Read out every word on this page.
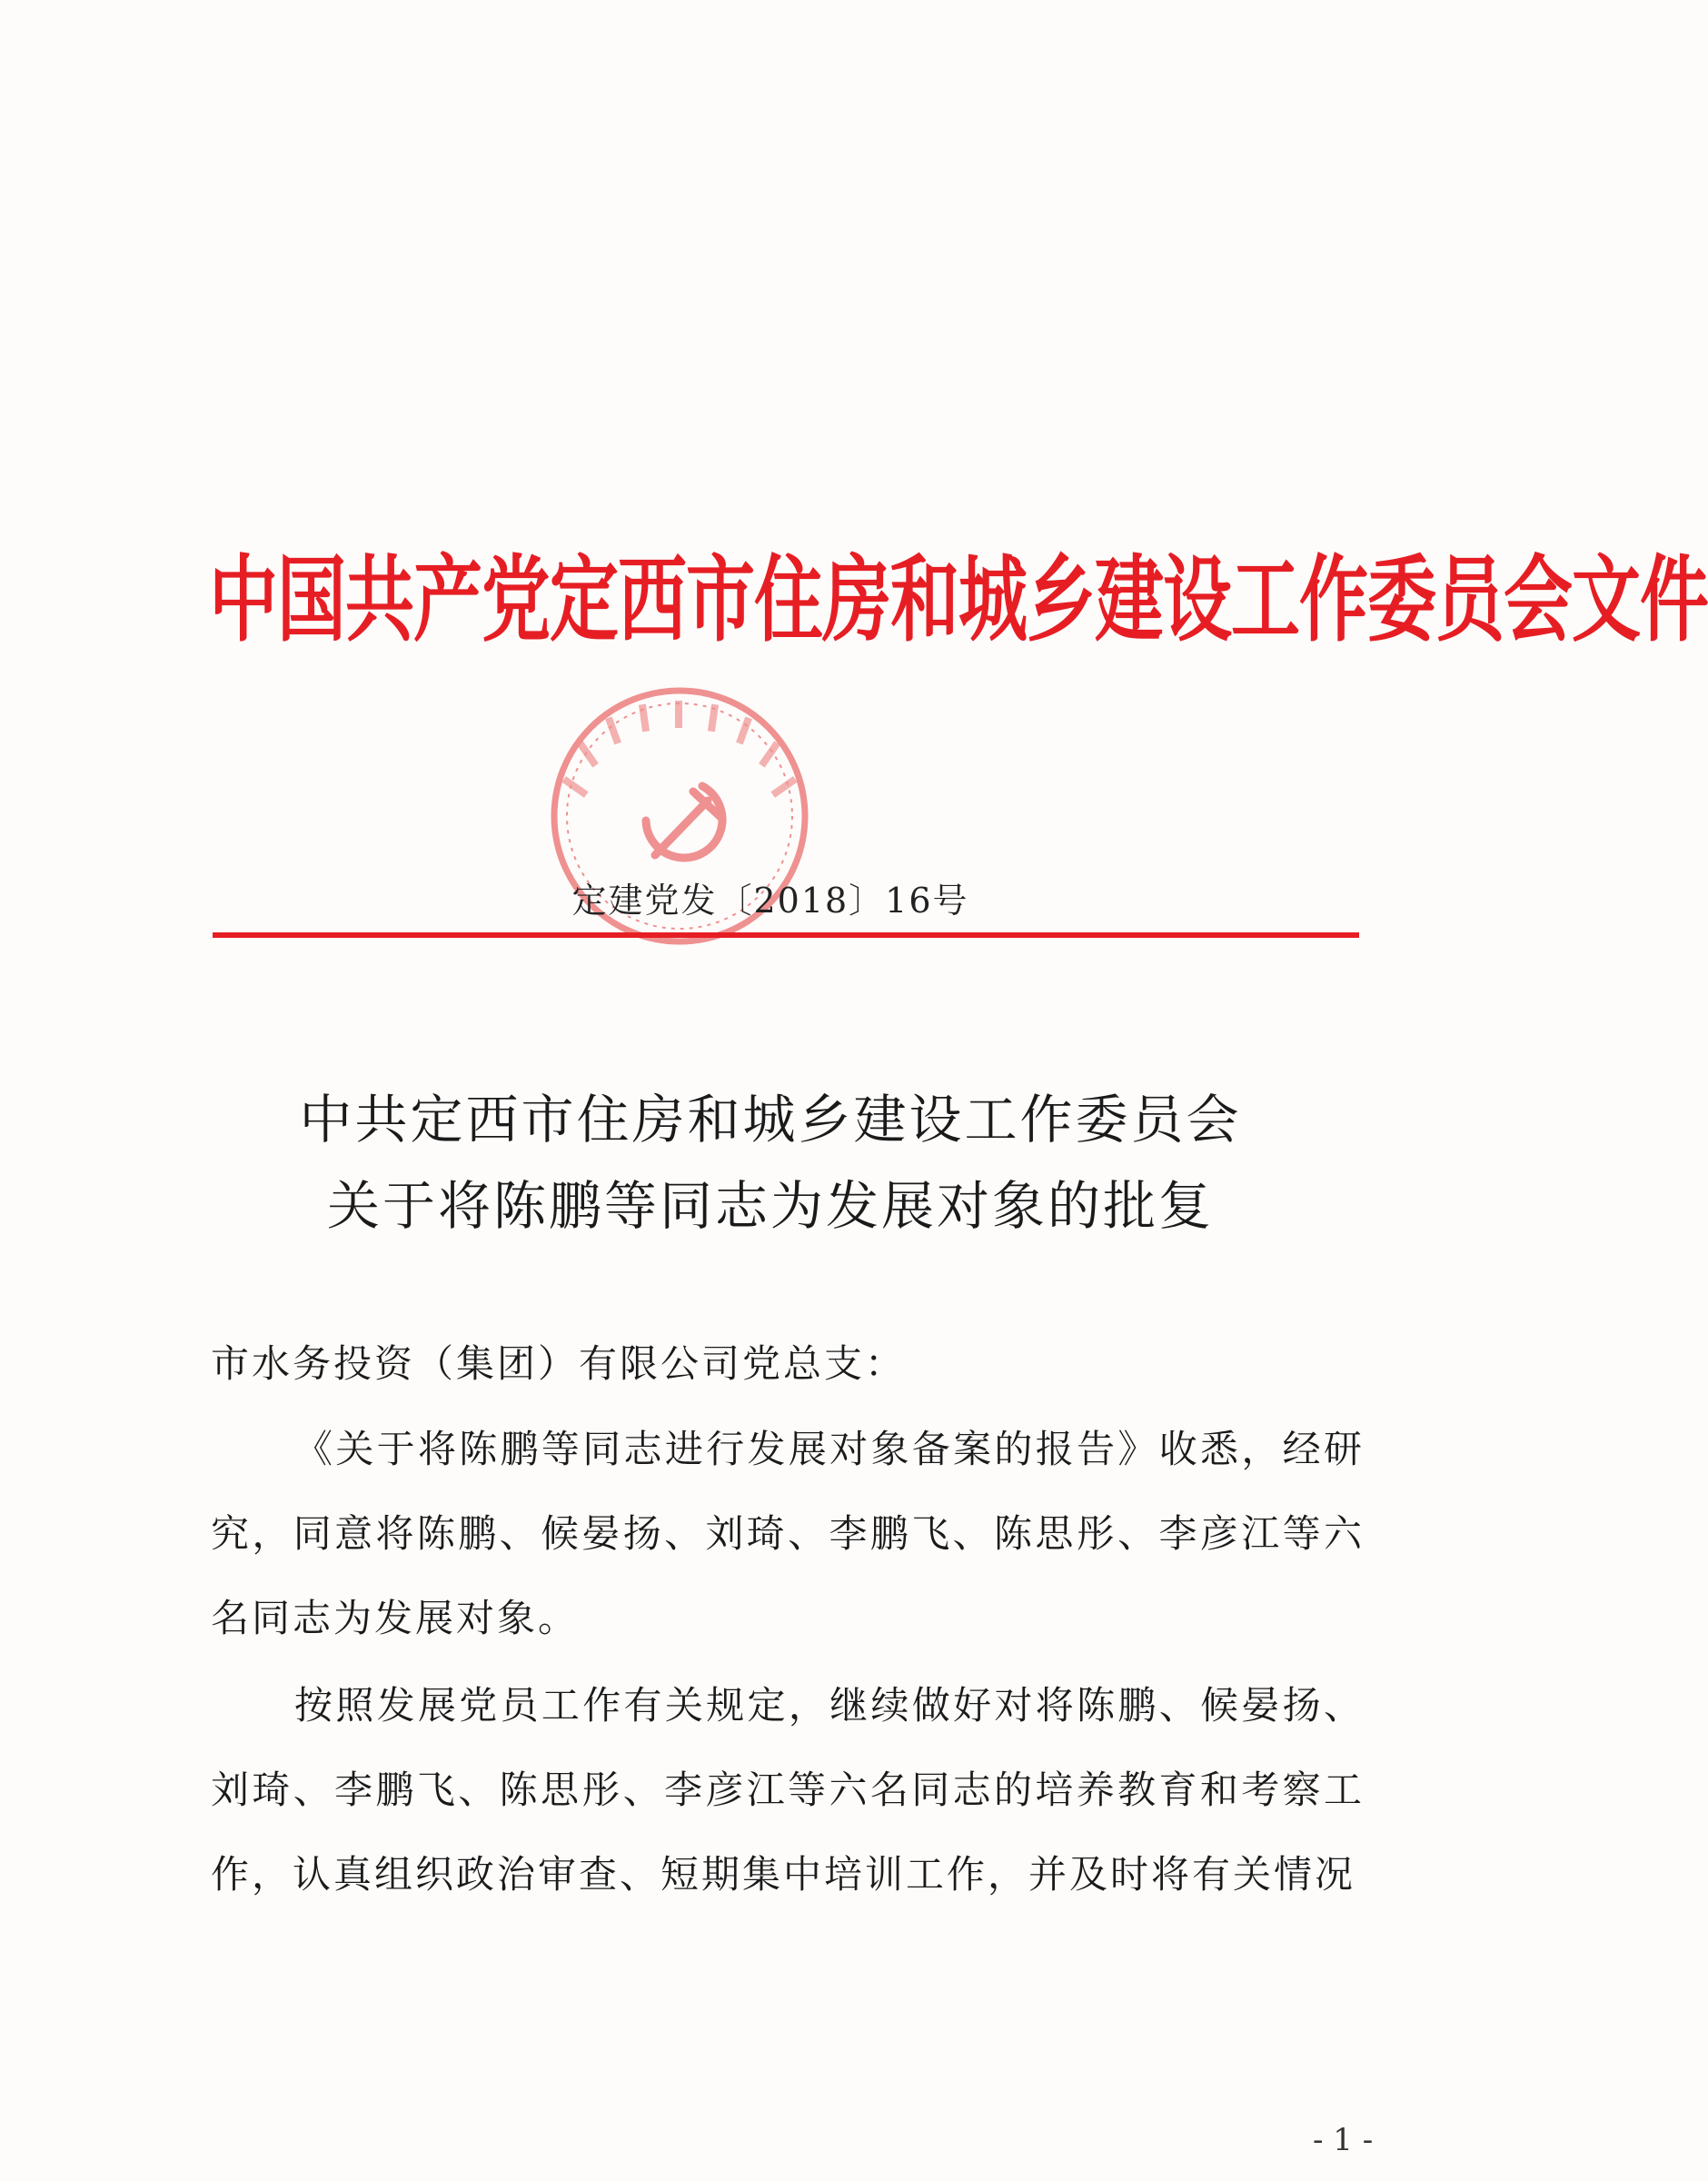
中国共产党定西市住房和城乡建设工作委员会文件
定建党发〔2018〕16号
中共定西市住房和城乡建设工作委员会
关于将陈鹏等同志为发展对象的批复
市水务投资（集团）有限公司党总支：
《关于将陈鹏等同志进行发展对象备案的报告》收悉，经研究，同意将陈鹏、候晏扬、刘琦、李鹏飞、陈思彤、李彦江等六名同志为发展对象。
按照发展党员工作有关规定，继续做好对将陈鹏、候晏扬、刘琦、李鹏飞、陈思彤、李彦江等六名同志的培养教育和考察工作，认真组织政治审查、短期集中培训工作，并及时将有关情况
- 1 -
